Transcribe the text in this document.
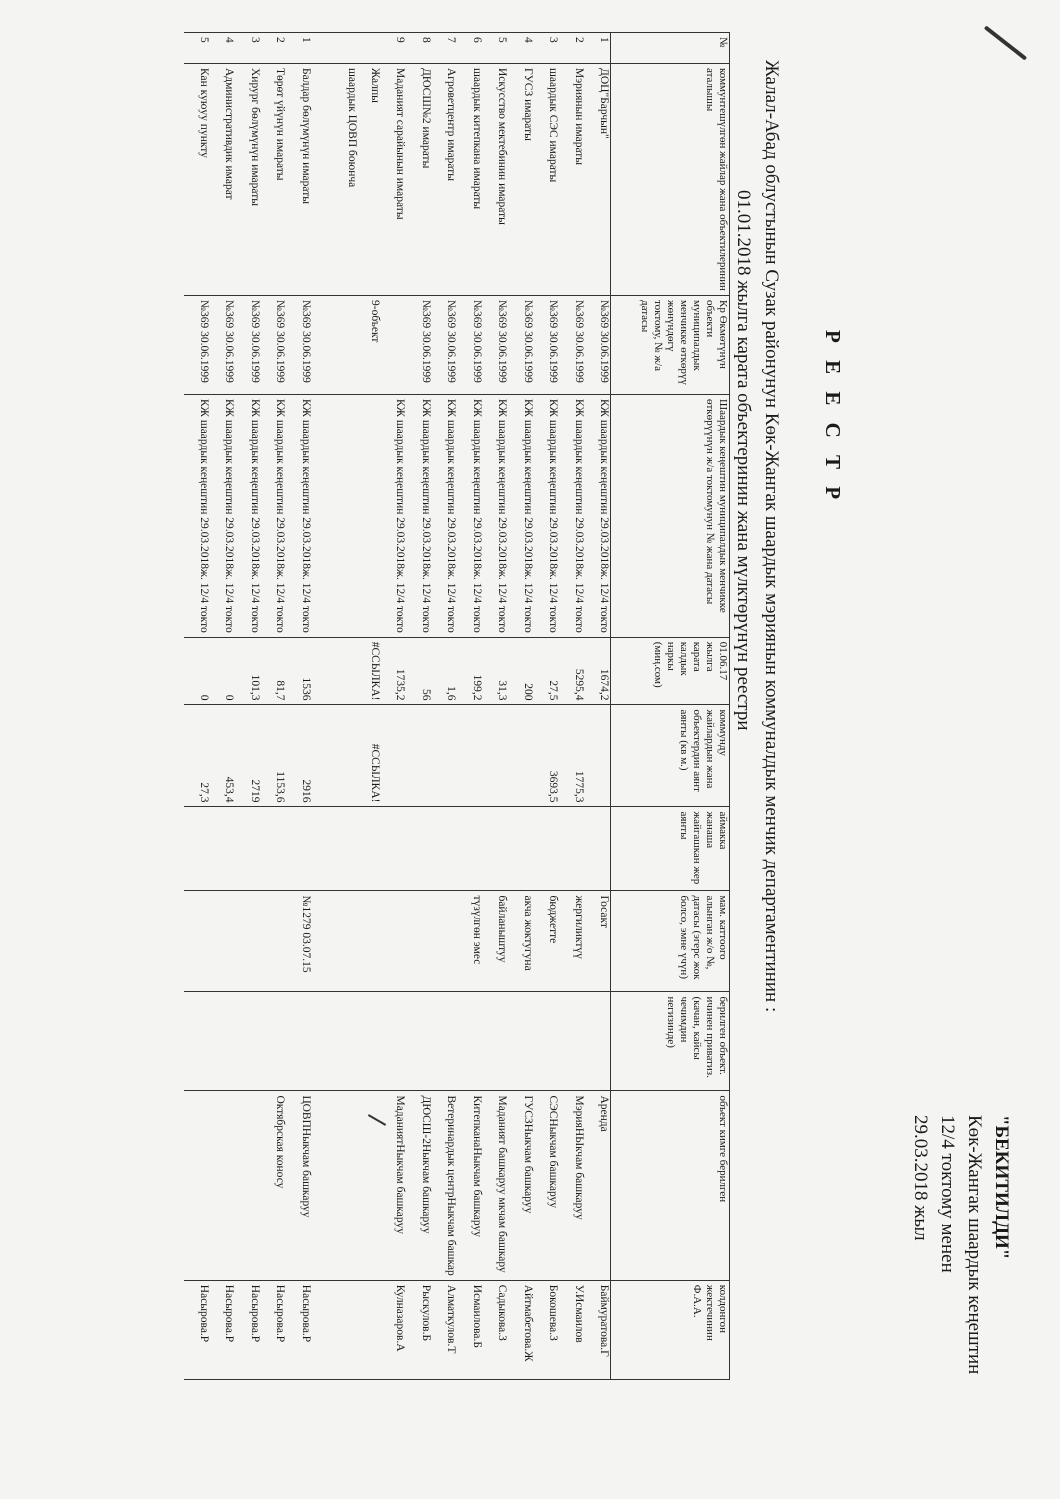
"БЕКИТИЛДИ"
Көк-Жангак шаардык кеңештин
12/4 токтому менен
29.03.2018 жыл
Р Е Е С Т Р
Жалал-Абад облустынын Сузак районунун Көк-Жангак шаардык мэриянын коммуналдык менчик департаментинин :
01.01.2018 жылга карата объектеринин жана мүлктөрүнүн реестри
№	коммунтешүлгөн жайлар жана объектилеринин аталышы	Кр Өкмөтүнүн объекти муниципалдык менчикке өткөрүү жөнүндөгү токтому, № ж/а датасы	Шаардык кеңештин муниципалдык менчикке өткөрүүнүн ж/а токтомунун № жана датасы	01.06.17 жылга карата калдык наркы (миң.сом)	коммунду жайлардын жана объектердин аянт аянты (кв м.)	аймакка жанаша жайгашкан жер аянты	мам. каттоого алынган ж/о №, датасы (эгерс жок болсо, эмне үчүн)	берилген объект. ичинен приватиз. (качан, кайсы чечимдин негизинде)	объект кимге берилген	колдонгон жектечинин Ф.А.А.
1	ДОЦ"Барчын"	№369 30.06.1999	КЖ шаардык кеңештин 29.03.2018ж. 12/4 токто	1674,2			Госакт		Аренда	Баймуратова.Г
2	Мэриянын имараты	№369 30.06.1999	КЖ шаардык кеңештин 29.03.2018ж. 12/4 токто	5295,4	1775,3		жергиликтүү		МэрияНЫкчам башкаруу	У.Исмаилов
3	шаардык СЭС имараты	№369 30.06.1999	КЖ шаардык кеңештин 29.03.2018ж. 12/4 токто	27,5	3693,5		бюджетте		СЭСНыкчам башкаруу	Бокошева.З
4	ГУСЗ имараты	№369 30.06.1999	КЖ шаардык кеңештин 29.03.2018ж. 12/4 токто	200			акча жоктугуна		ГУСЗНыкчам башкаруу	Айтмабетова.Ж
5	Искусство мектебинин имараты	№369 30.06.1999	КЖ шаардык кеңештин 29.03.2018ж. 12/4 токто	31,3			байланыштуу		Маданият башкаруу мкчам башкару	Садыкова.З
6	шаардык китепкана имараты	№369 30.06.1999	КЖ шаардык кеңештин 29.03.2018ж. 12/4 токто	199,2			түзүлгөн эмес		КитепканаНыкчам башкаруу	Исмаилова.Б
7	Агроветцентр имараты	№369 30.06.1999	КЖ шаардык кеңештин 29.03.2018ж. 12/4 токто	1,6					Ветеринардык центрНыкчам башкар	Алматкулов.Т
8	ДЮСШ№2 имараты	№369 30.06.1999	КЖ шаардык кеңештин 29.03.2018ж. 12/4 токто	56					ДЮСШ-2Ныкчам башкаруу	Рыскулов.Б
9	Маданият сарайынын имараты		КЖ шаардык кеңештин 29.03.2018ж. 12/4 токто	1735,2					МаданиятНыкчам башкаруу	Кулназаров.А
	Жалпы	9-объект		#ССЫЛКА!	#ССЫЛКА!					
	шаардык ЦОВП боюнча									

1	Балдар бөлүмүнүн имараты	№369 30.06.1999	КЖ шаардык кеңештин 29.03.2018ж. 12/4 токто	1536	2916		№1279 03.07.15		ЦОВПНыкчам башкаруу	Насырова.Р
2	Төрөт үйүнүн имараты	№369 30.06.1999	КЖ шаардык кеңештин 29.03.2018ж. 12/4 токто	81,7	1153,6				Октябрская коносу	Насырова.Р
3	Хирург бөлүмүнүн имараты	№369 30.06.1999	КЖ шаардык кеңештин 29.03.2018ж. 12/4 токто	101,3	2719					Насырова.Р
4	Административдик имарат	№369 30.06.1999	КЖ шаардык кеңештин 29.03.2018ж. 12/4 токто	0	453,4					Насырова.Р
5	Кан куюуу пункту	№369 30.06.1999	КЖ шаардык кеңештин 29.03.2018ж. 12/4 токто	0	27,3					Насырова.Р
